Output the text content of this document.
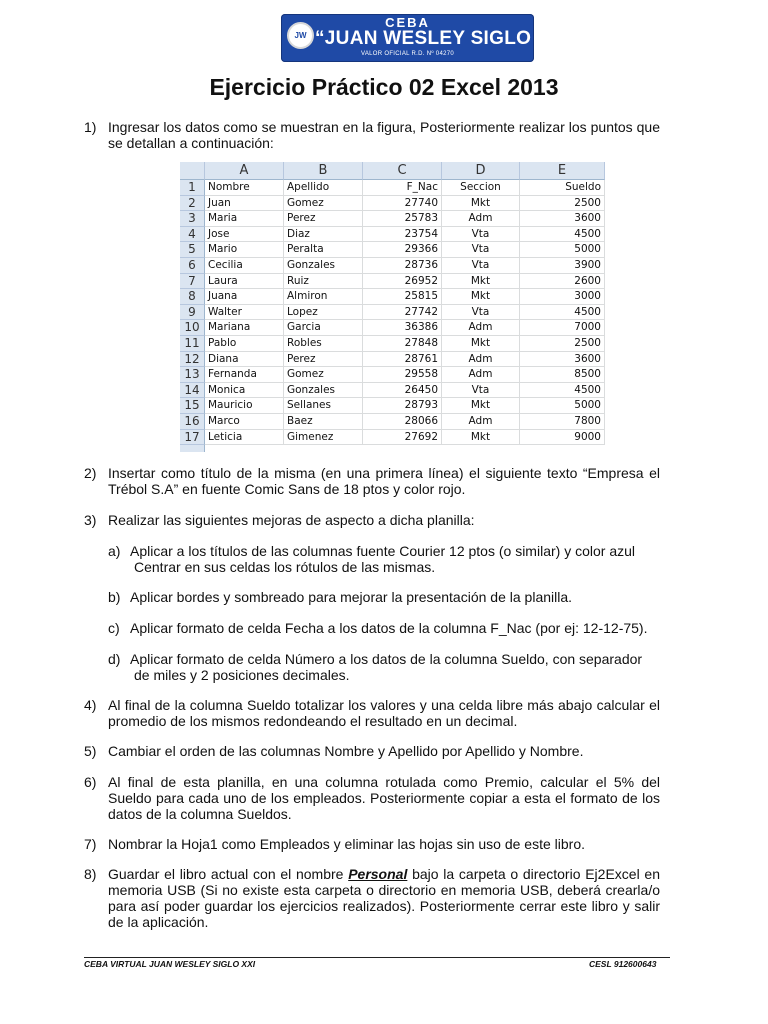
JW
CEBA
“JUAN WESLEY SIGLO XXI”
VALOR OFICIAL R.D. Nº 04270
Ejercicio Práctico 02 Excel 2013
1) Ingresar los datos como se muestran en la figura, Posteriormente realizar los puntos que se detallan a continuación:
A	B	C	D	E
1	Nombre	Apellido	F_Nac	Seccion	Sueldo
2	Juan	Gomez	27740	Mkt	2500
3	Maria	Perez	25783	Adm	3600
4	Jose	Diaz	23754	Vta	4500
5	Mario	Peralta	29366	Vta	5000
6	Cecilia	Gonzales	28736	Vta	3900
7	Laura	Ruiz	26952	Mkt	2600
8	Juana	Almiron	25815	Mkt	3000
9	Walter	Lopez	27742	Vta	4500
10 Mariana	Garcia	36386	Adm	7000
11 Pablo	Robles	27848	Mkt	2500
12 Diana	Perez	28761	Adm	3600
13 Fernanda	Gomez	29558	Adm	8500
14 Monica	Gonzales	26450	Vta	4500
15 Mauricio	Sellanes	28793	Mkt	5000
16 Marco	Baez	28066	Adm	7800
17 Leticia	Gimenez	27692	Mkt	9000
2) Insertar como título de la misma (en una primera línea) el siguiente texto “Empresa el Trébol S.A” en fuente Comic Sans de 18 ptos y color rojo.
3) Realizar las siguientes mejoras de aspecto a dicha planilla:
a) Aplicar a los títulos de las columnas fuente Courier 12 ptos (o similar) y color azul
Centrar en sus celdas los rótulos de las mismas.
b) Aplicar bordes y sombreado para mejorar la presentación de la planilla.
c) Aplicar formato de celda Fecha a los datos de la columna F_Nac (por ej: 12-12-75).
d) Aplicar formato de celda Número a los datos de la columna Sueldo, con separador
de miles y 2 posiciones decimales.
4) Al final de la columna Sueldo totalizar los valores y una celda libre más abajo calcular el promedio de los mismos redondeando el resultado en un decimal.
5) Cambiar el orden de las columnas Nombre y Apellido por Apellido y Nombre.
6) Al final de esta planilla, en una columna rotulada como Premio, calcular el 5% del Sueldo para cada uno de los empleados. Posteriormente copiar a esta el formato de los datos de la columna Sueldos.
7) Nombrar la Hoja1 como Empleados y eliminar las hojas sin uso de este libro.
8) Guardar el libro actual con el nombre Personal bajo la carpeta o directorio Ej2Excel en memoria USB (Si no existe esta carpeta o directorio en memoria USB, deberá crearla/o para así poder guardar los ejercicios realizados). Posteriormente cerrar este libro y salir de la aplicación.
CEBA VIRTUAL JUAN WESLEY SIGLO XXI	CESL 912600643
